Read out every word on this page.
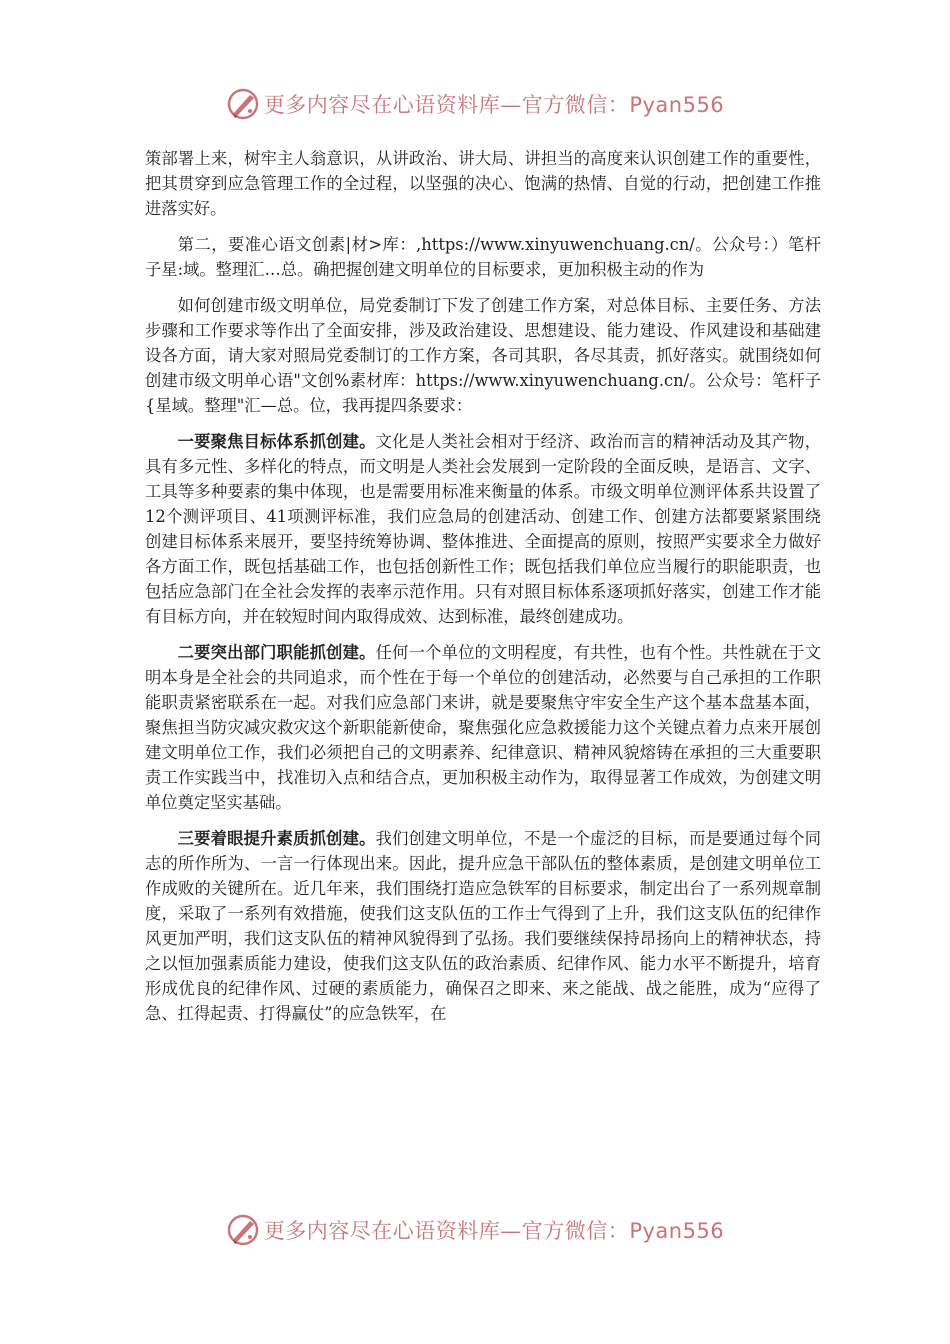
更多内容尽在心语资料库—官方微信：Pyan556

策部署上来，树牢主人翁意识，从讲政治、讲大局、讲担当的高度来认识创建工作的重要性，把其贯穿到应急管理工作的全过程，以坚强的决心、饱满的热情、自觉的行动，把创建工作推进落实好。

第二，要准心语文创素|材>库：,https://www.xinyuwenchuang.cn/。公众号：）笔杆子星:域。整理汇…总。确把握创建文明单位的目标要求，更加积极主动的作为

如何创建市级文明单位，局党委制订下发了创建工作方案，对总体目标、主要任务、方法步骤和工作要求等作出了全面安排，涉及政治建设、思想建设、能力建设、作风建设和基础建设各方面，请大家对照局党委制订的工作方案，各司其职，各尽其责，抓好落实。就围绕如何创建市级文明单心语"文创%素材库：https://www.xinyuwenchuang.cn/。公众号：笔杆子{星域。整理"汇—总。位，我再提四条要求：

一要聚焦目标体系抓创建。文化是人类社会相对于经济、政治而言的精神活动及其产物，具有多元性、多样化的特点，而文明是人类社会发展到一定阶段的全面反映，是语言、文字、工具等多种要素的集中体现，也是需要用标准来衡量的体系。市级文明单位测评体系共设置了12个测评项目、41项测评标准，我们应急局的创建活动、创建工作、创建方法都要紧紧围绕创建目标体系来展开，要坚持统筹协调、整体推进、全面提高的原则，按照严实要求全力做好各方面工作，既包括基础工作，也包括创新性工作；既包括我们单位应当履行的职能职责，也包括应急部门在全社会发挥的表率示范作用。只有对照目标体系逐项抓好落实，创建工作才能有目标方向，并在较短时间内取得成效、达到标准，最终创建成功。

二要突出部门职能抓创建。任何一个单位的文明程度，有共性，也有个性。共性就在于文明本身是全社会的共同追求，而个性在于每一个单位的创建活动，必然要与自己承担的工作职能职责紧密联系在一起。对我们应急部门来讲，就是要聚焦守牢安全生产这个基本盘基本面，聚焦担当防灾减灾救灾这个新职能新使命，聚焦强化应急救援能力这个关键点着力点来开展创建文明单位工作，我们必须把自己的文明素养、纪律意识、精神风貌熔铸在承担的三大重要职责工作实践当中，找准切入点和结合点，更加积极主动作为，取得显著工作成效，为创建文明单位奠定坚实基础。

三要着眼提升素质抓创建。我们创建文明单位，不是一个虚泛的目标，而是要通过每个同志的所作所为、一言一行体现出来。因此，提升应急干部队伍的整体素质，是创建文明单位工作成败的关键所在。近几年来，我们围绕打造应急铁军的目标要求，制定出台了一系列规章制度，采取了一系列有效措施，使我们这支队伍的工作士气得到了上升，我们这支队伍的纪律作风更加严明，我们这支队伍的精神风貌得到了弘扬。我们要继续保持昂扬向上的精神状态，持之以恒加强素质能力建设，使我们这支队伍的政治素质、纪律作风、能力水平不断提升，培育形成优良的纪律作风、过硬的素质能力，确保召之即来、来之能战、战之能胜，成为“应得了急、扛得起责、打得赢仗”的应急铁军，在

更多内容尽在心语资料库—官方微信：Pyan556
